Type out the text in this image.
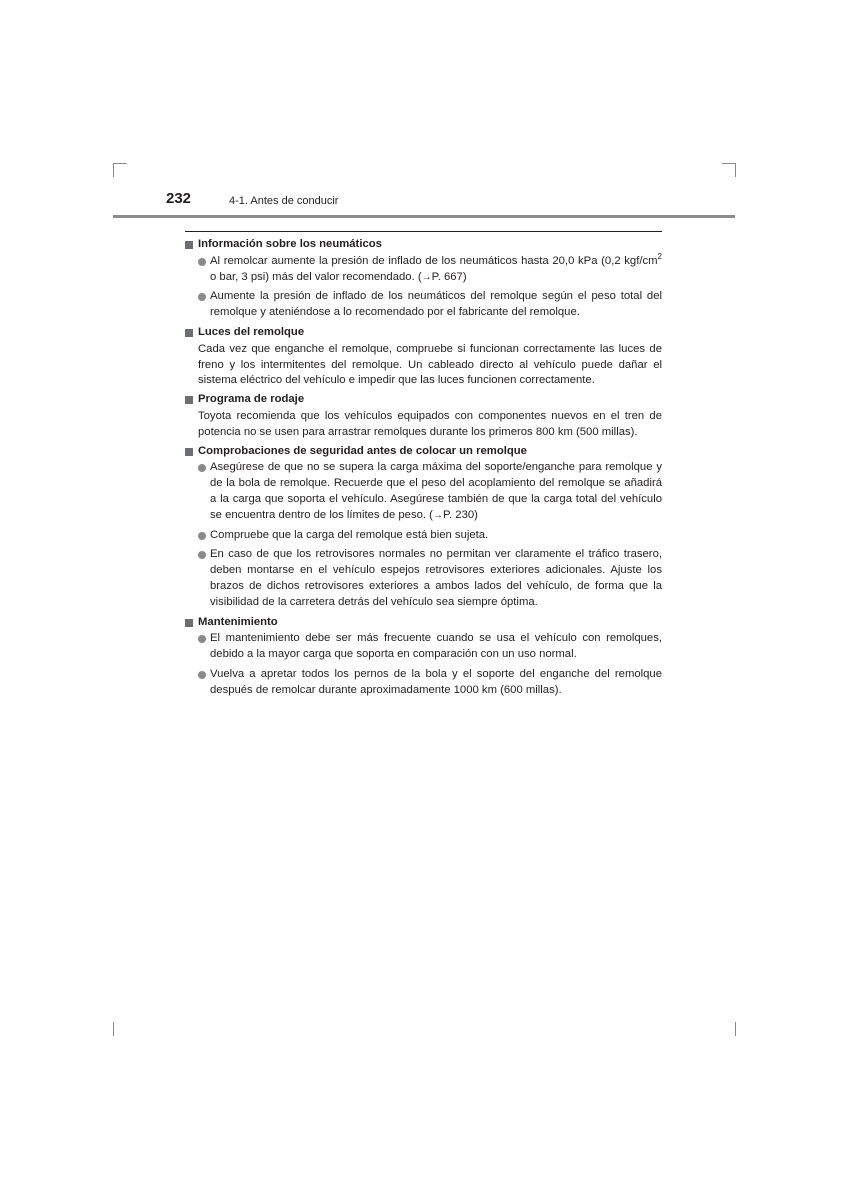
232	4-1. Antes de conducir
Información sobre los neumáticos
Al remolcar aumente la presión de inflado de los neumáticos hasta 20,0 kPa (0,2 kgf/$cm^2$ o bar, 3 psi) más del valor recomendado. (→P. 667)
Aumente la presión de inflado de los neumáticos del remolque según el peso total del remolque y ateniéndose a lo recomendado por el fabricante del remolque.
Luces del remolque
Cada vez que enganche el remolque, compruebe si funcionan correctamente las luces de freno y los intermitentes del remolque. Un cableado directo al vehículo puede dañar el sistema eléctrico del vehículo e impedir que las luces funcionen correctamente.
Programa de rodaje
Toyota recomienda que los vehículos equipados con componentes nuevos en el tren de potencia no se usen para arrastrar remolques durante los primeros 800 km (500 millas).
Comprobaciones de seguridad antes de colocar un remolque
Asegúrese de que no se supera la carga máxima del soporte/enganche para remolque y de la bola de remolque. Recuerde que el peso del acoplamiento del remolque se añadirá a la carga que soporta el vehículo. Asegúrese también de que la carga total del vehículo se encuentra dentro de los límites de peso. (→P. 230)
Compruebe que la carga del remolque está bien sujeta.
En caso de que los retrovisores normales no permitan ver claramente el tráfico trasero, deben montarse en el vehículo espejos retrovisores exteriores adicionales. Ajuste los brazos de dichos retrovisores exteriores a ambos lados del vehículo, de forma que la visibilidad de la carretera detrás del vehículo sea siempre óptima.
Mantenimiento
El mantenimiento debe ser más frecuente cuando se usa el vehículo con remolques, debido a la mayor carga que soporta en comparación con un uso normal.
Vuelva a apretar todos los pernos de la bola y el soporte del enganche del remolque después de remolcar durante aproximadamente 1000 km (600 millas).
